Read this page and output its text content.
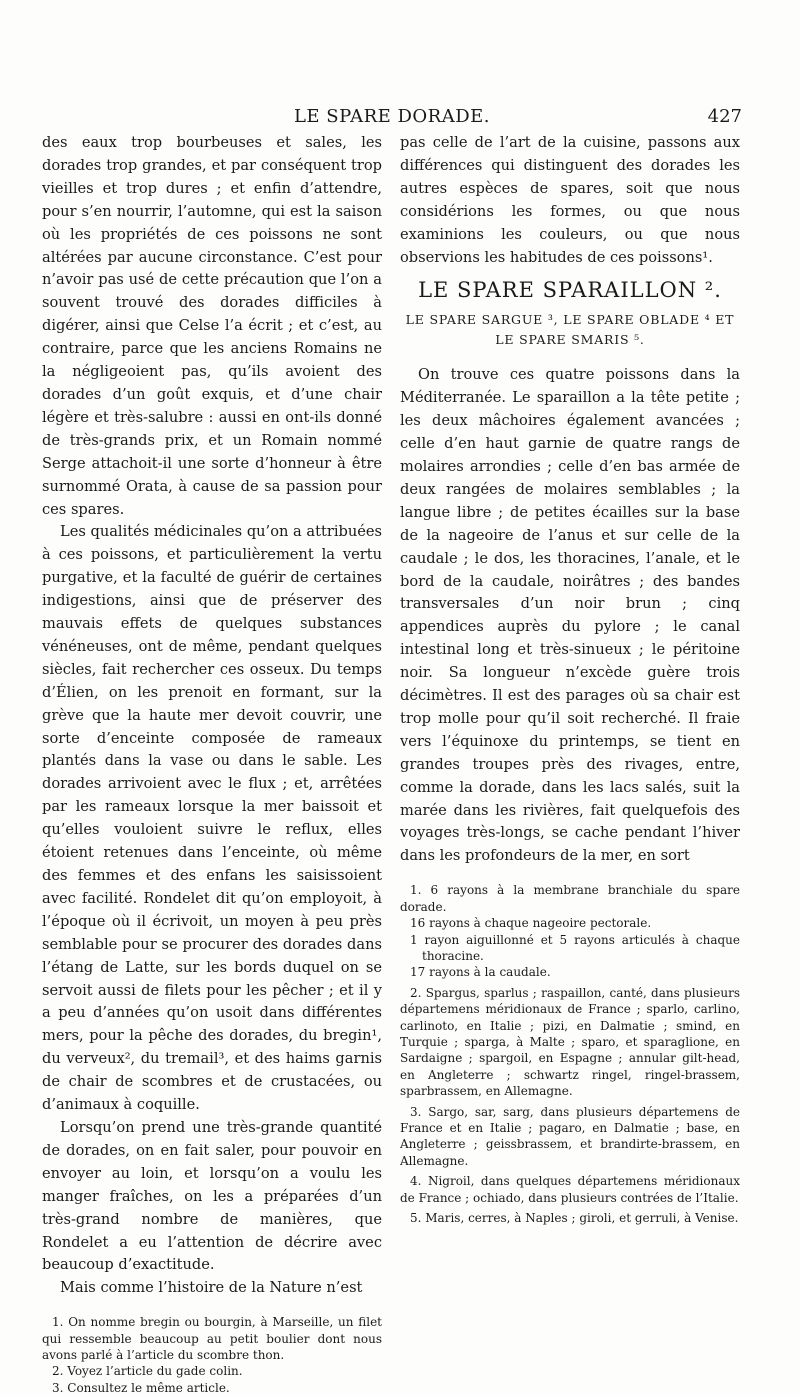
LE SPARE DORADE.	427

des eaux trop bourbeuses et sales, les dorades trop grandes, et par conséquent trop vieilles et trop dures ; et enfin d’attendre, pour s’en nourrir, l’automne, qui est la saison où les propriétés de ces poissons ne sont altérées par aucune circonstance. C’est pour n’avoir pas usé de cette précaution que l’on a souvent trouvé des dorades difficiles à digérer, ainsi que Celse l’a écrit ; et c’est, au contraire, parce que les anciens Romains ne la négligeoient pas, qu’ils avoient des dorades d’un goût exquis, et d’une chair légère et très-salubre : aussi en ont-ils donné de très-grands prix, et un Romain nommé Serge attachoit-il une sorte d’honneur à être surnommé Orata, à cause de sa passion pour ces spares.

Les qualités médicinales qu’on a attribuées à ces poissons, et particulièrement la vertu purgative, et la faculté de guérir de certaines indigestions, ainsi que de préserver des mauvais effets de quelques substances vénéneuses, ont de même, pendant quelques siècles, fait rechercher ces osseux. Du temps d’Élien, on les prenoit en formant, sur la grève que la haute mer devoit couvrir, une sorte d’enceinte composée de rameaux plantés dans la vase ou dans le sable. Les dorades arrivoient avec le flux ; et, arrêtées par les rameaux lorsque la mer baissoit et qu’elles vouloient suivre le reflux, elles étoient retenues dans l’enceinte, où même des femmes et des enfans les saisissoient avec facilité. Rondelet dit qu’on employoit, à l’époque où il écrivoit, un moyen à peu près semblable pour se procurer des dorades dans l’étang de Latte, sur les bords duquel on se servoit aussi de filets pour les pêcher ; et il y a peu d’années qu’on usoit dans différentes mers, pour la pêche des dorades, du bregin¹, du verveux², du tremail³, et des haims garnis de chair de scombres et de crustacées, ou d’animaux à coquille.

Lorsqu’on prend une très-grande quantité de dorades, on en fait saler, pour pouvoir en envoyer au loin, et lorsqu’on a voulu les manger fraîches, on les a préparées d’un très-grand nombre de manières, que Rondelet a eu l’attention de décrire avec beaucoup d’exactitude.

Mais comme l’histoire de la Nature n’est

1. On nomme bregin ou bourgin, à Marseille, un filet qui ressemble beaucoup au petit boulier dont nous avons parlé à l’article du scombre thon.

2. Voyez l’article du gade colin.

3. Consultez le même article.

pas celle de l’art de la cuisine, passons aux différences qui distinguent des dorades les autres espèces de spares, soit que nous considérions les formes, ou que nous examinions les couleurs, ou que nous observions les habitudes de ces poissons¹.

LE SPARE SPARAILLON ².

LE SPARE SARGUE ³, LE SPARE OBLADE ⁴ ET LE SPARE SMARIS ⁵.

On trouve ces quatre poissons dans la Méditerranée. Le sparaillon a la tête petite ; les deux mâchoires également avancées ; celle d’en haut garnie de quatre rangs de molaires arrondies ; celle d’en bas armée de deux rangées de molaires semblables ; la langue libre ; de petites écailles sur la base de la nageoire de l’anus et sur celle de la caudale ; le dos, les thoracines, l’anale, et le bord de la caudale, noirâtres ; des bandes transversales d’un noir brun ; cinq appendices auprès du pylore ; le canal intestinal long et très-sinueux ; le péritoine noir. Sa longueur n’excède guère trois décimètres. Il est des parages où sa chair est trop molle pour qu’il soit recherché. Il fraie vers l’équinoxe du printemps, se tient en grandes troupes près des rivages, entre, comme la dorade, dans les lacs salés, suit la marée dans les rivières, fait quelquefois des voyages très-longs, se cache pendant l’hiver dans les profondeurs de la mer, en sort

1. 6 rayons à la membrane branchiale du spare dorade.

16 rayons à chaque nageoire pectorale.

1 rayon aiguillonné et 5 rayons articulés à chaque thoracine.

17 rayons à la caudale.

2. Spargus, sparlus ; raspaillon, canté, dans plusieurs départemens méridionaux de France ; sparlo, carlino, carlinoto, en Italie ; pizi, en Dalmatie ; smind, en Turquie ; sparga, à Malte ; sparo, et sparaglione, en Sardaigne ; spargoil, en Espagne ; annular gilt-head, en Angleterre ; schwartz ringel, ringel-brassem, sparbrassem, en Allemagne.

3. Sargo, sar, sarg, dans plusieurs départemens de France et en Italie ; pagaro, en Dalmatie ; base, en Angleterre ; geissbrassem, et brandirte-brassem, en Allemagne.

4. Nigroil, dans quelques départemens méridionaux de France ; ochiado, dans plusieurs contrées de l’Italie.

5. Maris, cerres, à Naples ; giroli, et gerruli, à Venise.
